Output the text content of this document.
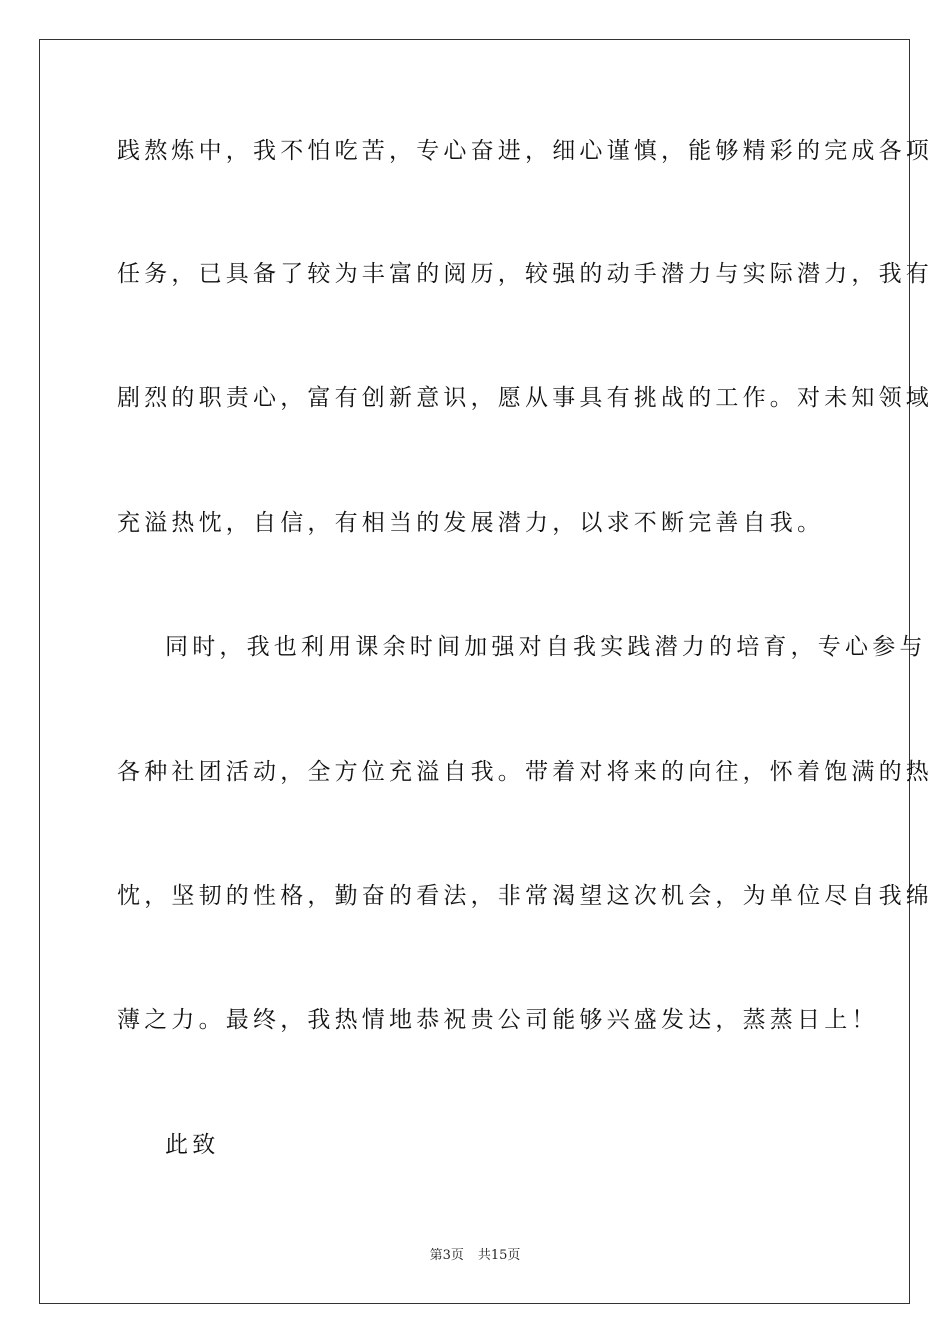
践熬炼中，我不怕吃苦，专心奋进，细心谨慎，能够精彩的完成各项
任务，已具备了较为丰富的阅历，较强的动手潜力与实际潜力，我有
剧烈的职责心，富有创新意识，愿从事具有挑战的工作。对未知领域
充溢热忱，自信，有相当的发展潜力，以求不断完善自我。
同时，我也利用课余时间加强对自我实践潜力的培育，专心参与
各种社团活动，全方位充溢自我。带着对将来的向往，怀着饱满的热
忱，坚韧的性格，勤奋的看法，非常渴望这次机会，为单位尽自我绵
薄之力。最终，我热情地恭祝贵公司能够兴盛发达，蒸蒸日上！
此致
第3页 共15页
